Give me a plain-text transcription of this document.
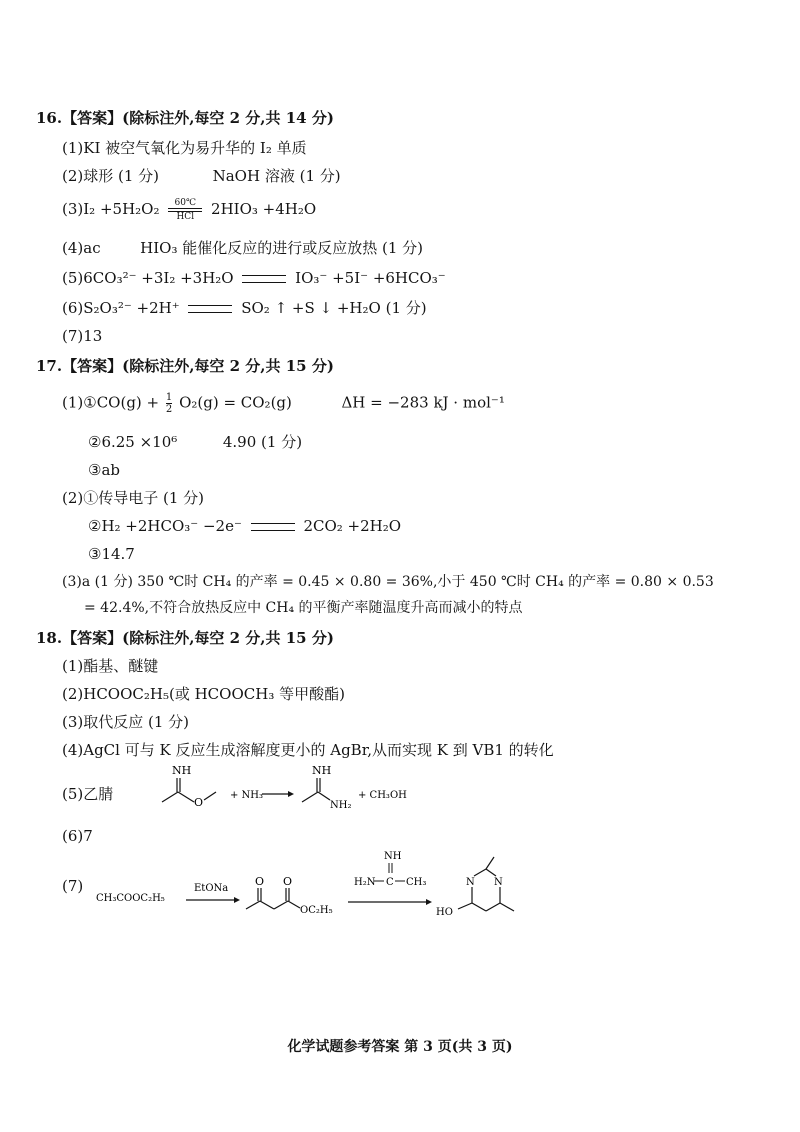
16.【答案】(除标注外,每空 2 分,共 14 分)
(1)KI 被空气氧化为易升华的 I₂ 单质
(2)球形 (1 分)	NaOH 溶液 (1 分)
(3)I₂ +5H₂O₂	60℃
HCl	2HIO₃ +4H₂O
(4)ac	HIO₃ 能催化反应的进行或反应放热 (1 分)
(5)6CO₃²⁻ +3I₂ +3H₂O	IO₃⁻ +5I⁻ +6HCO₃⁻
(6)S₂O₃²⁻ +2H⁺	SO₂ ↑ +S ↓ +H₂O (1 分)
(7)13
17.【答案】(除标注外,每空 2 分,共 15 分)
(1)①CO(g) + $\frac{1}{2} O_2(g) = CO_2(g)$	ΔH = −283 kJ · mol⁻¹
②6.25 ×10⁶	4.90 (1 分)
③ab
(2)①传导电子 (1 分)
②H₂ +2HCO₃⁻ −2e⁻	2CO₂ +2H₂O
③14.7
(3)a (1 分) 350 ℃时 CH₄ 的产率 = 0.45 × 0.80 = 36%,小于 450 ℃时 CH₄ 的产率 = 0.80 × 0.53
= 42.4%,不符合放热反应中 CH₄ 的平衡产率随温度升高而减小的特点
18.【答案】(除标注外,每空 2 分,共 15 分)
(1)酯基、醚键
(2)HCOOC₂H₅(或 HCOOCH₃ 等甲酸酯)
(3)取代反应 (1 分)
(4)AgCl 可与 K 反应生成溶解度更小的 AgBr,从而实现 K 到 VB1 的转化
(5)乙腈
NH
O
+ NH₃
NH
NH₂
+ CH₃OH
(6)7
(7)
CH₃COOC₂H₅
EtONa
O O
OC₂H₅
NH
H₂N C CH₃	N N
HO
化学试题参考答案 第 3 页(共 3 页)
